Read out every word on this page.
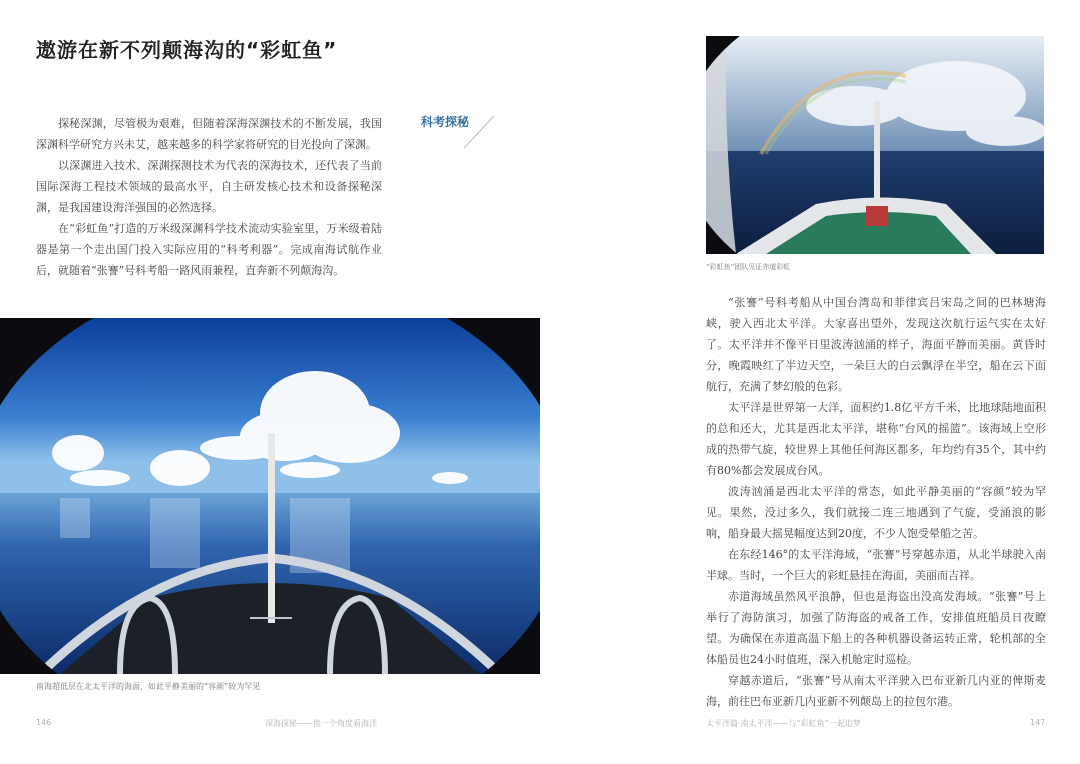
遨游在新不列颠海沟的“彩虹鱼”
科考探秘

探秘深渊，尽管极为艰难，但随着深海深渊技术的不断发展，我国深渊科学研究方兴未艾，越来越多的科学家将研究的目光投向了深渊。

以深渊进入技术、深渊探测技术为代表的深海技术，还代表了当前国际深海工程技术领域的最高水平，自主研发核心技术和设备探秘深渊，是我国建设海洋强国的必然选择。

在“彩虹鱼”打造的万米级深渊科学技术流动实验室里，万米级着陆器是第一个走出国门投入实际应用的“科考利器”。完成南海试航作业后，就随着“张謇”号科考船一路风雨兼程，直奔新不列颠海沟。

南海超低层在北太平洋的海面，如此平静美丽的“容颜”较为罕见
146	深海探秘——换一个角度看海洋
“彩虹鱼”团队见证赤道彩虹

“张謇”号科考船从中国台湾岛和菲律宾吕宋岛之间的巴林塘海峡，驶入西北太平洋。大家喜出望外，发现这次航行运气实在太好了。太平洋并不像平日里波涛汹涌的样子，海面平静而美丽。黄昏时分，晚霞映红了半边天空，一朵巨大的白云飘浮在半空，船在云下面航行，充满了梦幻般的色彩。

太平洋是世界第一大洋，面积约1.8亿平方千米，比地球陆地面积的总和还大，尤其是西北太平洋，堪称“台风的摇篮”。该海域上空形成的热带气旋，较世界上其他任何海区都多，年均约有35个，其中约有80%都会发展成台风。

波涛汹涌是西北太平洋的常态，如此平静美丽的“容颜”较为罕见。果然，没过多久，我们就接二连三地遇到了气旋，受涌浪的影响，船身最大摇晃幅度达到20度，不少人饱受晕船之苦。

在东经146°的太平洋海域，“张謇”号穿越赤道，从北半球驶入南半球。当时，一个巨大的彩虹悬挂在海面，美丽而吉祥。

赤道海域虽然风平浪静，但也是海盗出没高发海域。“张謇”号上举行了海防演习，加强了防海盗的戒备工作，安排值班船员日夜瞭望。为确保在赤道高温下船上的各种机器设备运转正常，轮机部的全体船员也24小时值班，深入机舱定时巡检。

穿越赤道后，“张謇”号从南太平洋驶入巴布亚新几内亚的俾斯麦海，前往巴布亚新几内亚新不列颠岛上的拉包尔港。

太平洋篇·南太平洋——与“彩虹鱼”一起追梦	147
